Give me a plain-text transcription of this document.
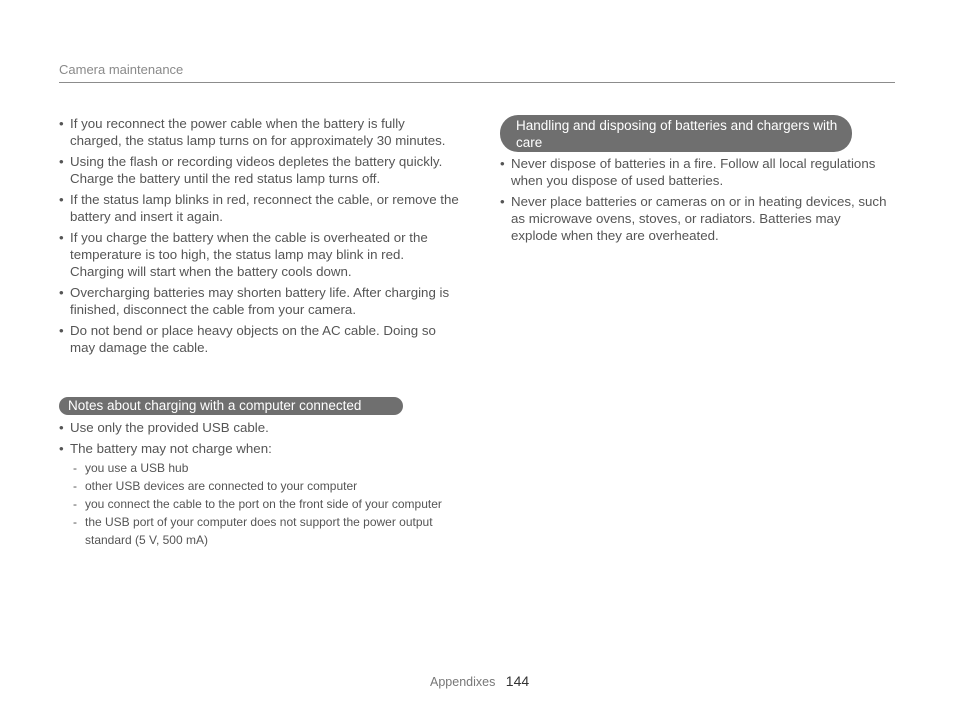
Camera maintenance
• If you reconnect the power cable when the battery is fully charged, the status lamp turns on for approximately 30 minutes.
• Using the flash or recording videos depletes the battery quickly. Charge the battery until the red status lamp turns off.
• If the status lamp blinks in red, reconnect the cable, or remove the battery and insert it again.
• If you charge the battery when the cable is overheated or the temperature is too high, the status lamp may blink in red. Charging will start when the battery cools down.
• Overcharging batteries may shorten battery life. After charging is finished, disconnect the cable from your camera.
• Do not bend or place heavy objects on the AC cable. Doing so may damage the cable.
Notes about charging with a computer connected
• Use only the provided USB cable.
• The battery may not charge when:
- you use a USB hub
- other USB devices are connected to your computer
- you connect the cable to the port on the front side of your computer
- the USB port of your computer does not support the power output standard (5 V, 500 mA)
Handling and disposing of batteries and chargers with care
• Never dispose of batteries in a fire. Follow all local regulations when you dispose of used batteries.
• Never place batteries or cameras on or in heating devices, such as microwave ovens, stoves, or radiators. Batteries may explode when they are overheated.
Appendixes 144
